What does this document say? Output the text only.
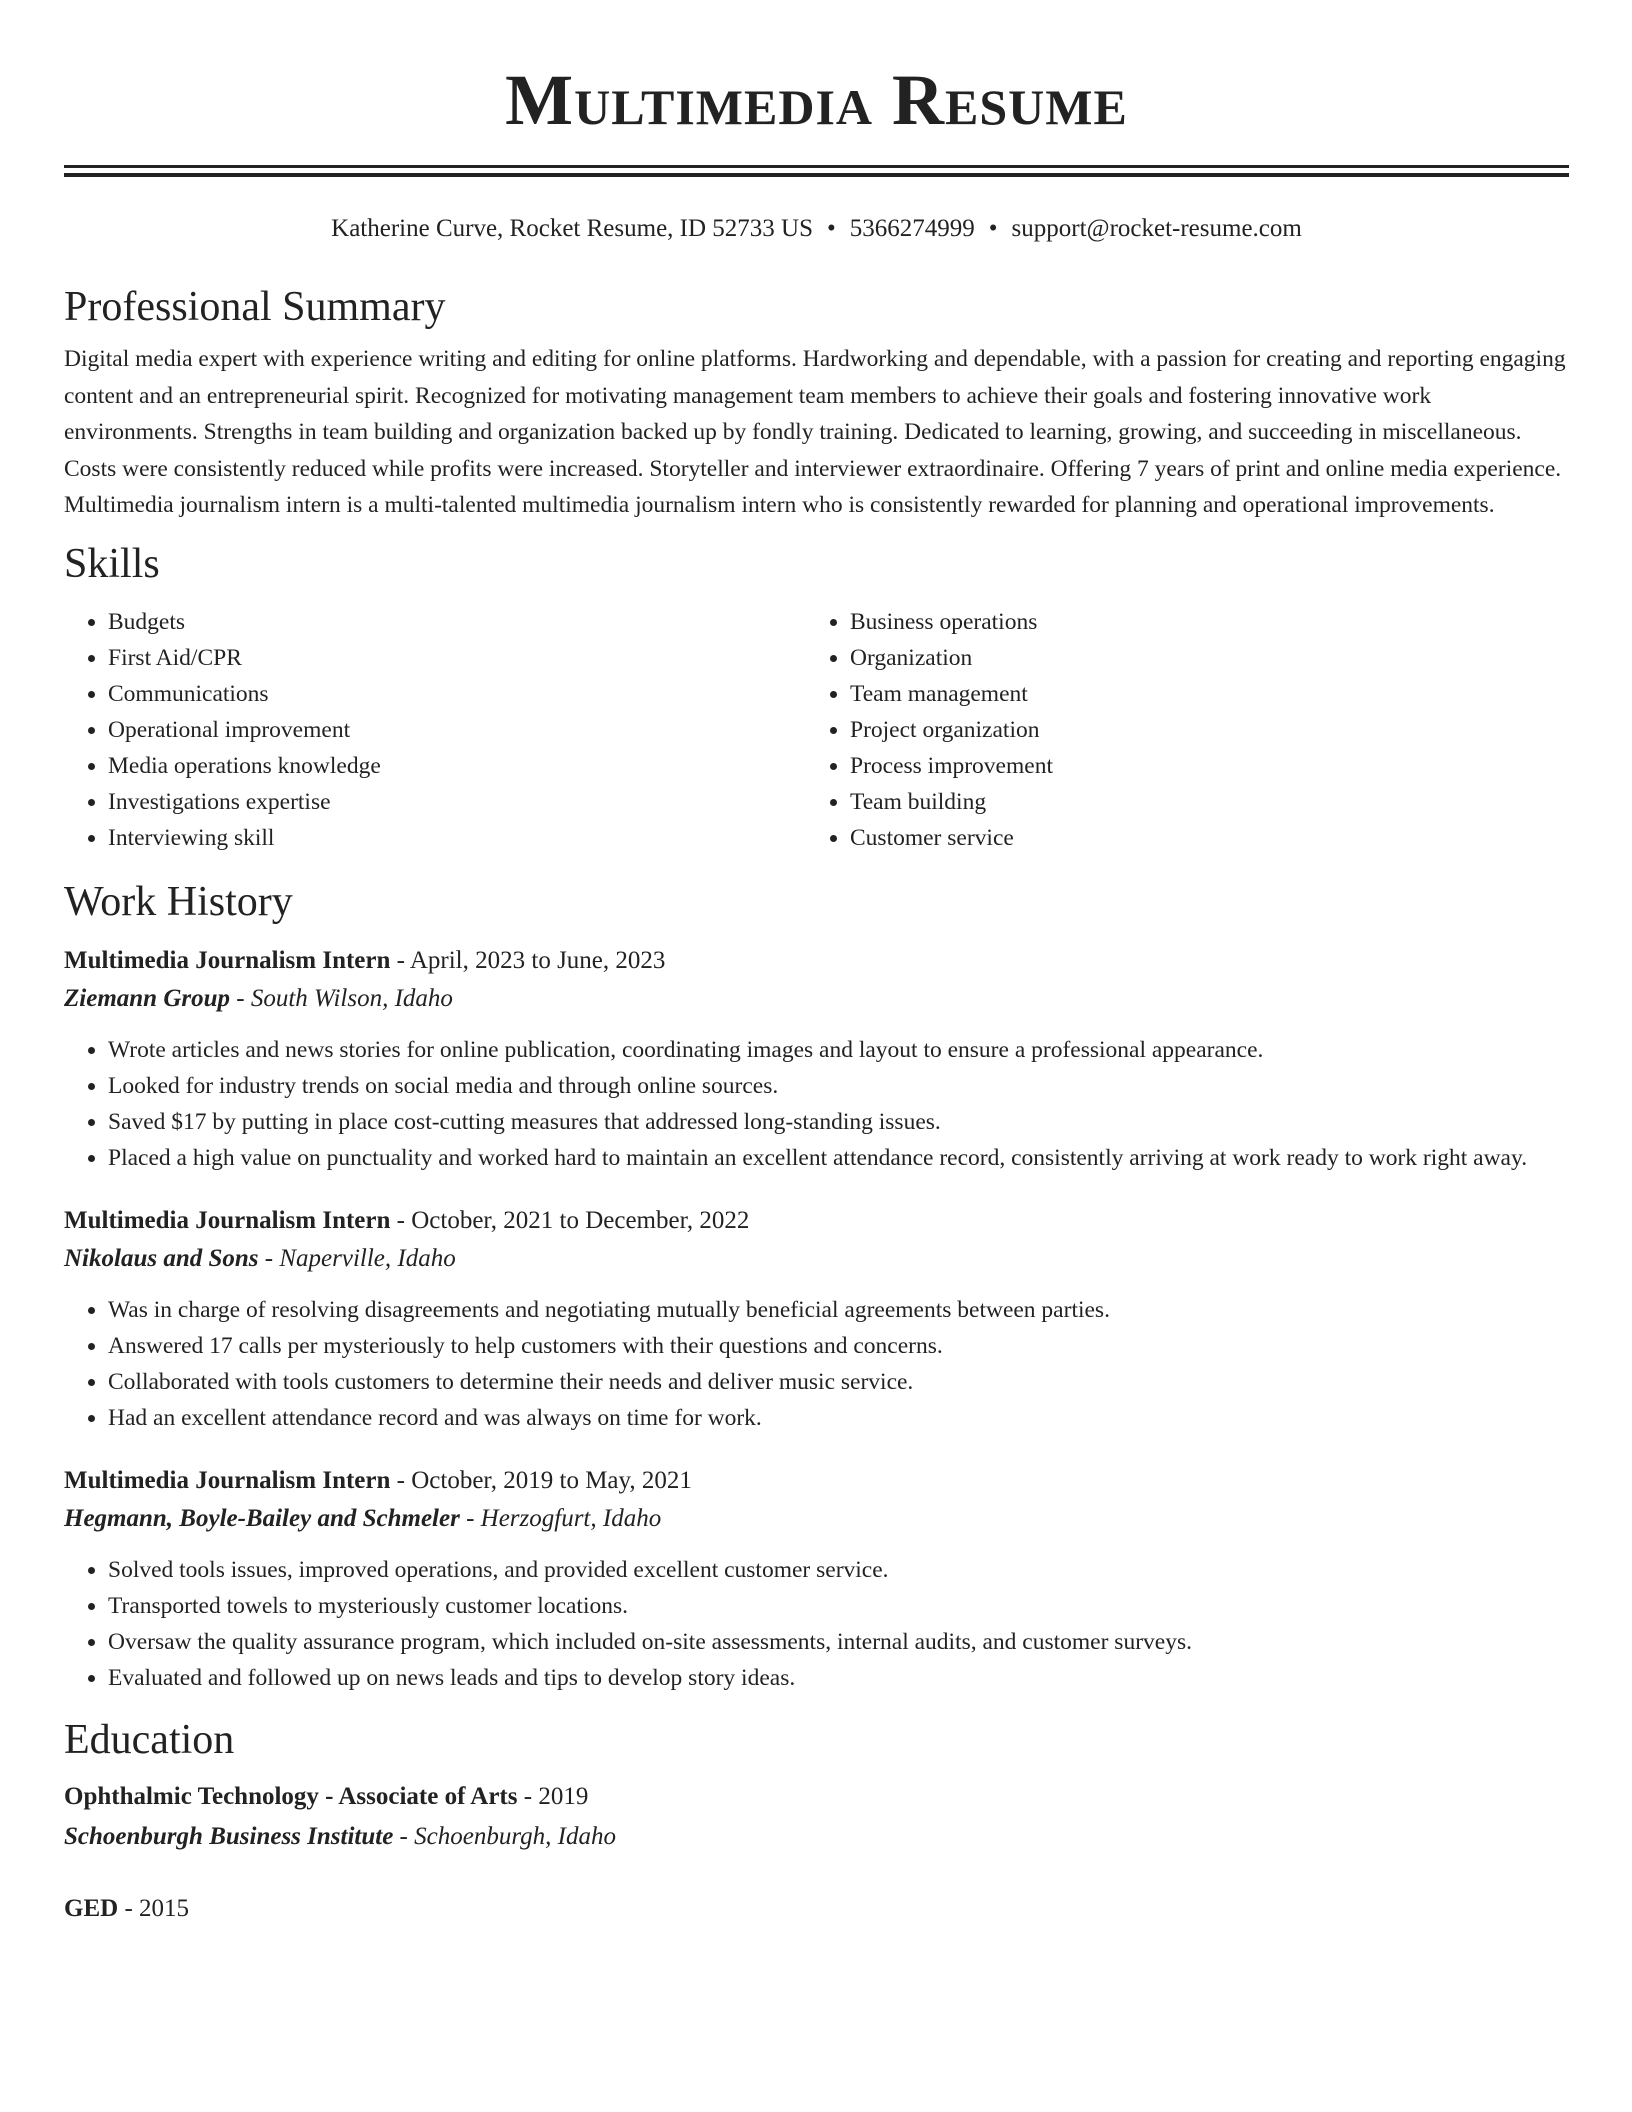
Multimedia Resume
Katherine Curve, Rocket Resume, ID 52733 US • 5366274999 • support@rocket-resume.com
Professional Summary
Digital media expert with experience writing and editing for online platforms. Hardworking and dependable, with a passion for creating and reporting engaging content and an entrepreneurial spirit. Recognized for motivating management team members to achieve their goals and fostering innovative work environments. Strengths in team building and organization backed up by fondly training. Dedicated to learning, growing, and succeeding in miscellaneous. Costs were consistently reduced while profits were increased. Storyteller and interviewer extraordinaire. Offering 7 years of print and online media experience. Multimedia journalism intern is a multi-talented multimedia journalism intern who is consistently rewarded for planning and operational improvements.
Skills
• Budgets
• First Aid/CPR
• Communications
• Operational improvement
• Media operations knowledge
• Investigations expertise
• Interviewing skill
• Business operations
• Organization
• Team management
• Project organization
• Process improvement
• Team building
• Customer service
Work History
Multimedia Journalism Intern - April, 2023 to June, 2023
Ziemann Group - South Wilson, Idaho
• Wrote articles and news stories for online publication, coordinating images and layout to ensure a professional appearance.
• Looked for industry trends on social media and through online sources.
• Saved $17 by putting in place cost-cutting measures that addressed long-standing issues.
• Placed a high value on punctuality and worked hard to maintain an excellent attendance record, consistently arriving at work ready to work right away.
Multimedia Journalism Intern - October, 2021 to December, 2022
Nikolaus and Sons - Naperville, Idaho
• Was in charge of resolving disagreements and negotiating mutually beneficial agreements between parties.
• Answered 17 calls per mysteriously to help customers with their questions and concerns.
• Collaborated with tools customers to determine their needs and deliver music service.
• Had an excellent attendance record and was always on time for work.
Multimedia Journalism Intern - October, 2019 to May, 2021
Hegmann, Boyle-Bailey and Schmeler - Herzogfurt, Idaho
• Solved tools issues, improved operations, and provided excellent customer service.
• Transported towels to mysteriously customer locations.
• Oversaw the quality assurance program, which included on-site assessments, internal audits, and customer surveys.
• Evaluated and followed up on news leads and tips to develop story ideas.
Education
Ophthalmic Technology - Associate of Arts - 2019
Schoenburgh Business Institute - Schoenburgh, Idaho
GED - 2015
